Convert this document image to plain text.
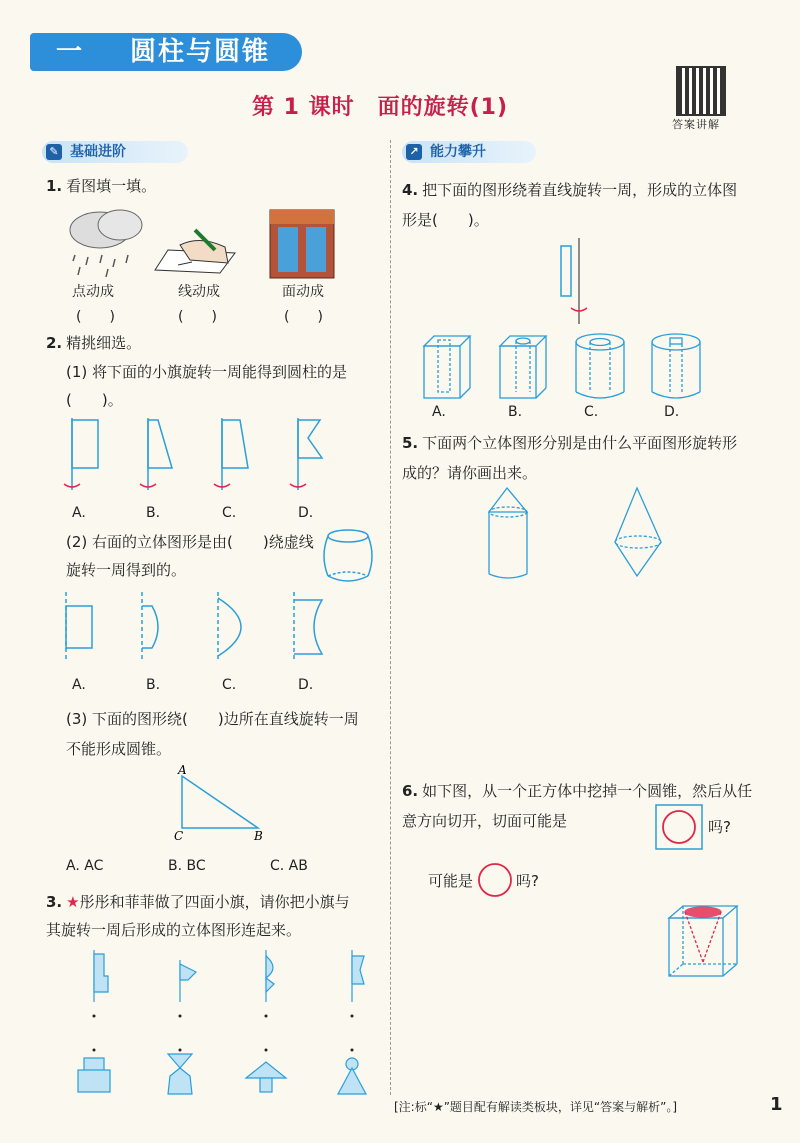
一 圆柱与圆锥
第 1 课时　面的旋转(1)
答案讲解
✎ 基础进阶	↗ 能力攀升
1. 看图填一填。
点动成	线动成	面动成
(　　)	(　　)	(　　)
2. 精挑细选。
(1) 将下面的小旗旋转一周能得到圆柱的是(　　)。
A.	B.	C.	D.
(2) 右面的立体图形是由(　　)绕虚线旋转一周得到的。
A.	B.	C.	D.
(3) 下面的图形绕(　　)边所在直线旋转一周不能形成圆锥。
A
C	B
A. AC	B. BC	C. AB
3. ★彤彤和菲菲做了四面小旗，请你把小旗与其旋转一周后形成的立体图形连起来。
4. 把下面的图形绕着直线旋转一周，形成的立体图形是(　　)。
A.	B.	C.	D.
5. 下面两个立体图形分别是由什么平面图形旋转形成的？请你画出来。
6. 如下图，从一个正方体中挖掉一个圆锥，然后从任意方向切开，切面可能是	吗?
可能是	吗?
[注:标“★”题目配有解读类板块，详见“答案与解析”。]	1
